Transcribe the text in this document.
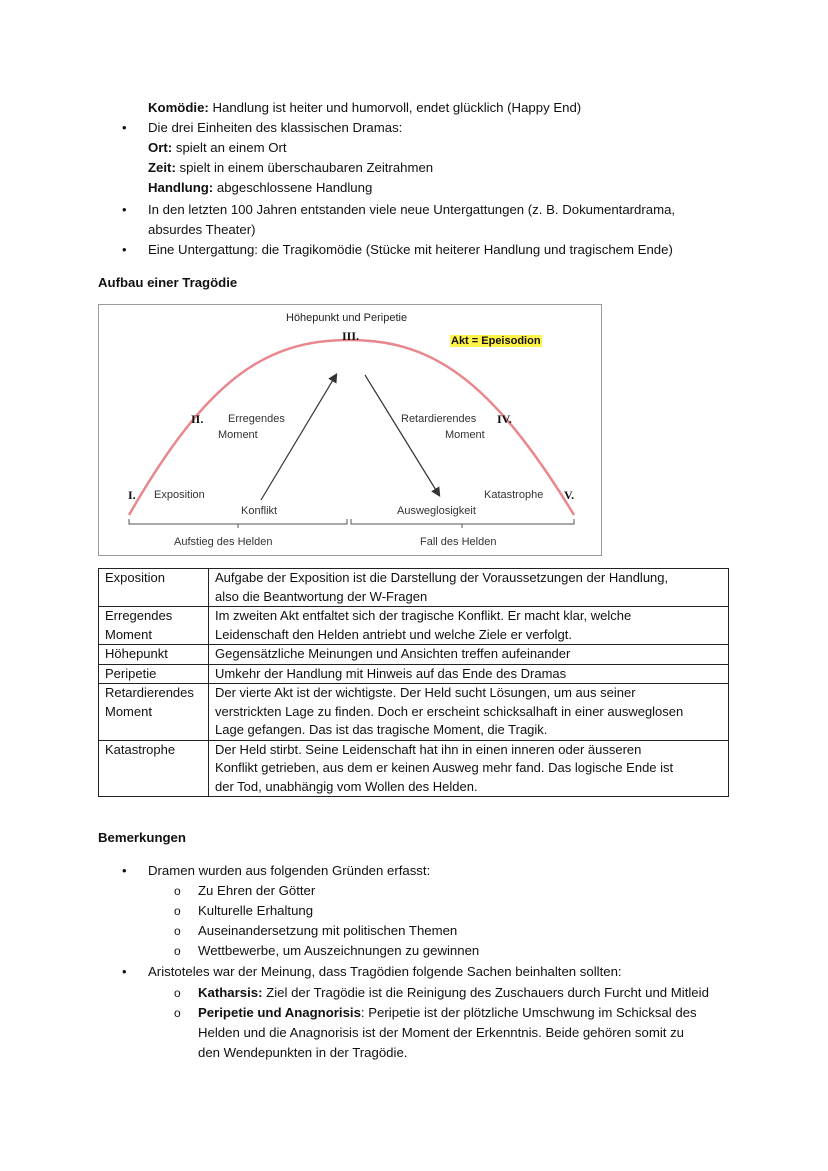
Komödie: Handlung ist heiter und humorvoll, endet glücklich (Happy End)
• Die drei Einheiten des klassischen Dramas:
Ort: spielt an einem Ort
Zeit: spielt in einem überschaubaren Zeitrahmen
Handlung: abgeschlossene Handlung
• In den letzten 100 Jahren entstanden viele neue Untergattungen (z. B. Dokumentardrama,
absurdes Theater)
• Eine Untergattung: die Tragikomödie (Stücke mit heiterer Handlung und tragischem Ende)
Aufbau einer Tragödie
Höhepunkt und Peripetie
III.	Akt = Epeisodion
II. Erregendes
Moment
Retardierendes
Moment
IV.
I. Exposition	Katastrophe V.
Konflikt	Ausweglosigkeit
Aufstieg des Helden	Fall des Helden
Exposition	Aufgabe der Exposition ist die Darstellung der Voraussetzungen der Handlung,
also die Beantwortung der W-Fragen

Erregendes Moment	Im zweiten Akt entfaltet sich der tragische Konflikt. Er macht klar, welche
Leidenschaft den Helden antriebt und welche Ziele er verfolgt.

Höhepunkt	Gegensätzliche Meinungen und Ansichten treffen aufeinander

Peripetie	Umkehr der Handlung mit Hinweis auf das Ende des Dramas

Retardierendes Moment	Der vierte Akt ist der wichtigste. Der Held sucht Lösungen, um aus seiner
verstrickten Lage zu finden. Doch er erscheint schicksalhaft in einer ausweglosen
Lage gefangen. Das ist das tragische Moment, die Tragik.

Katastrophe	Der Held stirbt. Seine Leidenschaft hat ihn in einen inneren oder äusseren
Konflikt getrieben, aus dem er keinen Ausweg mehr fand. Das logische Ende ist
der Tod, unabhängig vom Wollen des Helden.
Bemerkungen
• Dramen wurden aus folgenden Gründen erfasst:
o Zu Ehren der Götter
o Kulturelle Erhaltung
o Auseinandersetzung mit politischen Themen
o Wettbewerbe, um Auszeichnungen zu gewinnen
• Aristoteles war der Meinung, dass Tragödien folgende Sachen beinhalten sollten:
o Katharsis: Ziel der Tragödie ist die Reinigung des Zuschauers durch Furcht und Mitleid
o Peripetie und Anagnorisis: Peripetie ist der plötzliche Umschwung im Schicksal des
Helden und die Anagnorisis ist der Moment der Erkenntnis. Beide gehören somit zu
den Wendepunkten in der Tragödie.
